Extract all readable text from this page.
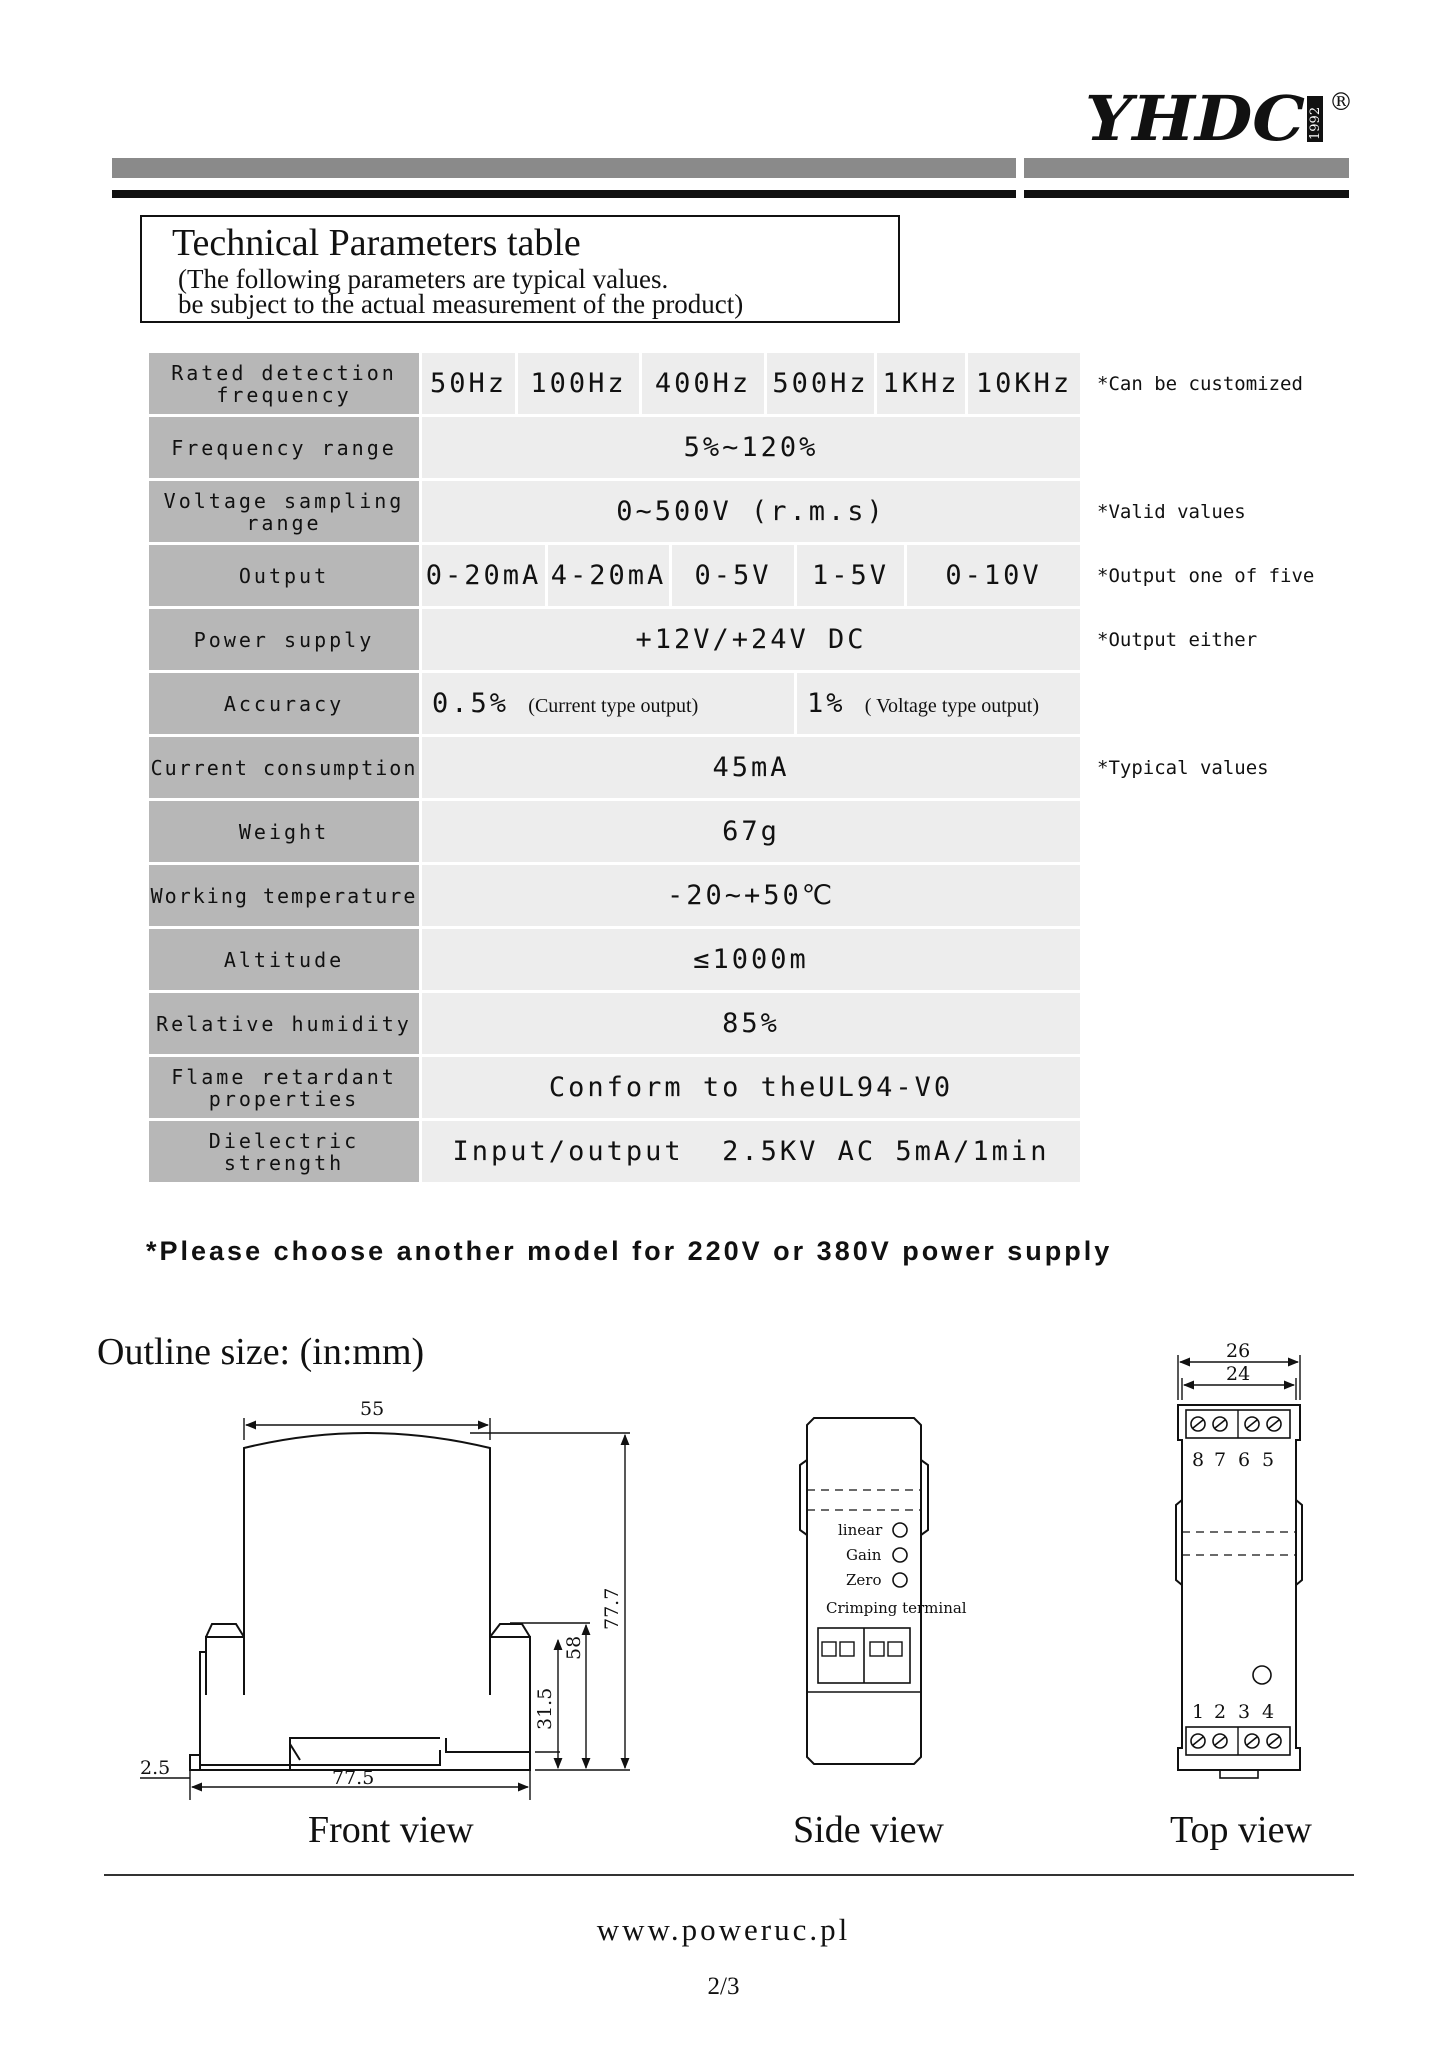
YHDC 1992
®
Technical Parameters table
(The following parameters are typical values.
be subject to the actual measurement of the product)
Rated detection frequency	50Hz	100Hz		400Hz		500Hz		1KHz		10KHz	*Can be customized
Frequency range	5%~120%										
Voltage sampling range	0~500V (r.m.s)										*Valid values
Output	0-20mA		4-20mA		0-5V		1-5V		0-10V		*Output one of five
Power supply	+12V/+24V DC										*Output either
Accuracy	0.5% (Current type output)						1% ( Voltage type output)				
Current consumption	45mA										*Typical values
Weight	67g										
Working temperature	-20~+50℃										
Altitude	≤1000m										
Relative humidity	85%										
Flame retardant properties	Conform to theUL94-V0										
Dielectric strength	Input/output  2.5KV AC 5mA/1min										
*Please choose another model for 220V or 380V power supply
Outline size: (in:mm)
55
77.7
58
31.5
77.5
2.5
linear
Gain
Zero
Crimping terminal
26
24
8 7 6 5
1 2 3 4
Front view	Side view	Top view
www.poweruc.pl
2/3
